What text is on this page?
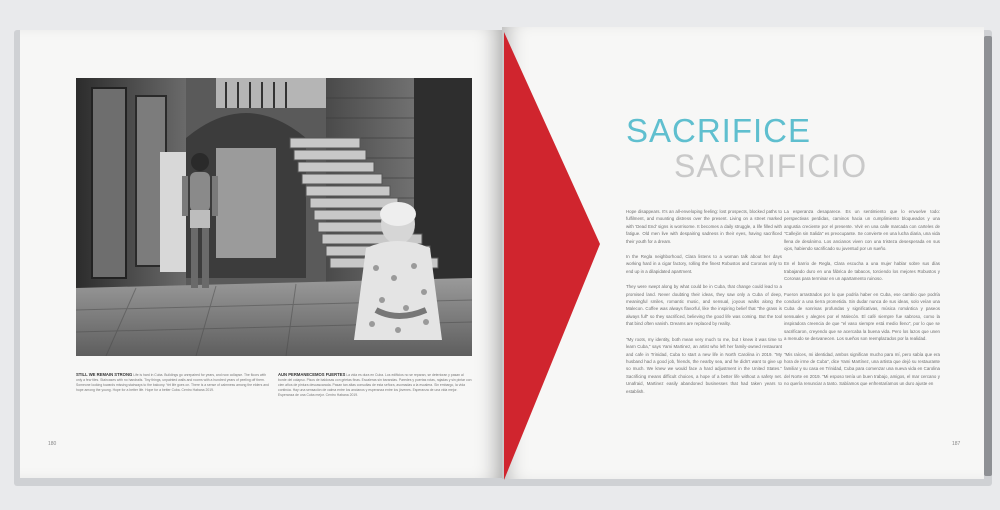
STILL WE REMAIN STRONG Life is hard in Cuba. Buildings go unrepaired for years, and now collapse. The floors with only a few tiles. Staircases with no handrails. Tiny things, unpainted walls and rooms with a hundred years of peeling off them. Someone looking towards missing stairways to the balcony. Yet life goes on. There is a sense of calmness among the elders and hope among the young. Hope for a better life. Hope for a better Cuba. Centro Habana 2019.
AUN PERMANECEMOS FUERTES La vida es dura en Cuba. Los edificios no se reparan, se deterioran y pasan al borde del colapso. Pisos de baldosas con grietas finas. Escaleras sin barandas. Paredes y puertas rotas, rajadas y sin pintar con cien años de pintura descascarada. Pasan tan altas consultas de esta señora, asomadas a la escalera. Sin embargo, la vida continúa. Hay una sensación de calma entre los ancianos y esperanza entre los jóvenes. Esperanza de una vida mejor. Esperanza de una Cuba mejor. Centro Habana 2019.
180
SACRIFICE
SACRIFICIO

Hope disappears. It's an all-enveloping feeling: lost prospects, blocked paths to fulfilment, and mounting distress over the present. Living on a street marked with 'Dead End' signs is worrisome. It becomes a daily struggle, a life filled with fatigue. Old men live with despairing sadness in their eyes, having sacrificed their youth for a dream.

In the Regla neighborhood, Clara listens to a woman talk about her days working hard in a cigar factory, rolling the finest Robustos and Coronas only to end up in a dilapidated apartment.

They were swept along by what could be in Cuba, that change could lead to a promised land. Never doubting their ideas, they saw only a Cuba of deep, meaningful smiles, romantic music, and sensual, joyous walks along the Malecon. Coffee was always flavorful, like the inspiring belief that "the grass is always full" so they sacrificed, believing the good life was coming. But the tool that bind often vanish. Dreams are replaced by reality.

"My roots, my identity, both mean very much to me, but I knew it was time to learn Cuba," says Yami Martinez, an artist who left her family-owned restaurant and cafe in Trinidad, Cuba to start a new life in North Carolina in 2019. "My husband had a good job, friends, the nearby sea, and he didn't want to give up so much. We knew we would face a hard adjustment in the United States." Sacrificing means difficult choices, a hope of a better life without a safety net. Unafraid, Martinez easily abandoned businesses that had taken years to establish.

La esperanza desaparece. Es un sentimiento que lo envuelve todo: perspectivas perdidas, caminos hacia un cumplimiento bloqueados y una angustia creciente por el presente. Vivir en una calle marcada con carteles de "Callejón sin Salida" es preocupante. Se convierte en una lucha diaria, una vida llena de desánimo. Los ancianos viven con una tristeza desesperada en sus ojos, habiendo sacrificado su juventud por un sueño.

En el barrio de Regla, Clara escucha a una mujer hablar sobre sus días trabajando duro en una fábrica de tabacos, torciendo los mejores Robustos y Coronas para terminar en un apartamento ruinoso.

Fueron arrastrados por lo que podría haber en Cuba, ese cambio que podría conducir a una tierra prometida. Sin dudar nunca de sus ideas, solo veían una Cuba de sonrisas profundas y significativas, música romántica y paseos sensuales y alegres por el Malecón. El café siempre fue sabroso, como la inspiradora creencia de que "el vaso siempre está medio lleno", por lo que se sacrificaron, creyendo que se acercaba la buena vida. Pero los lazos que unen a menudo se desvanecen. Los sueños son reemplazados por la realidad.

"Mis raíces, mi identidad, ambos significan mucho para mí, pero sabía que era hora de irme de Cuba", dice Yami Martínez, una artista que dejó su restaurante familiar y su casa en Trinidad, Cuba para comenzar una nueva vida en Carolina del Norte en 2019. "Mi esposo tenía un buen trabajo, amigos, el mar cercano y no quería renunciar a tanto. Sabíamos que enfrentaríamos un duro ajuste en

187
